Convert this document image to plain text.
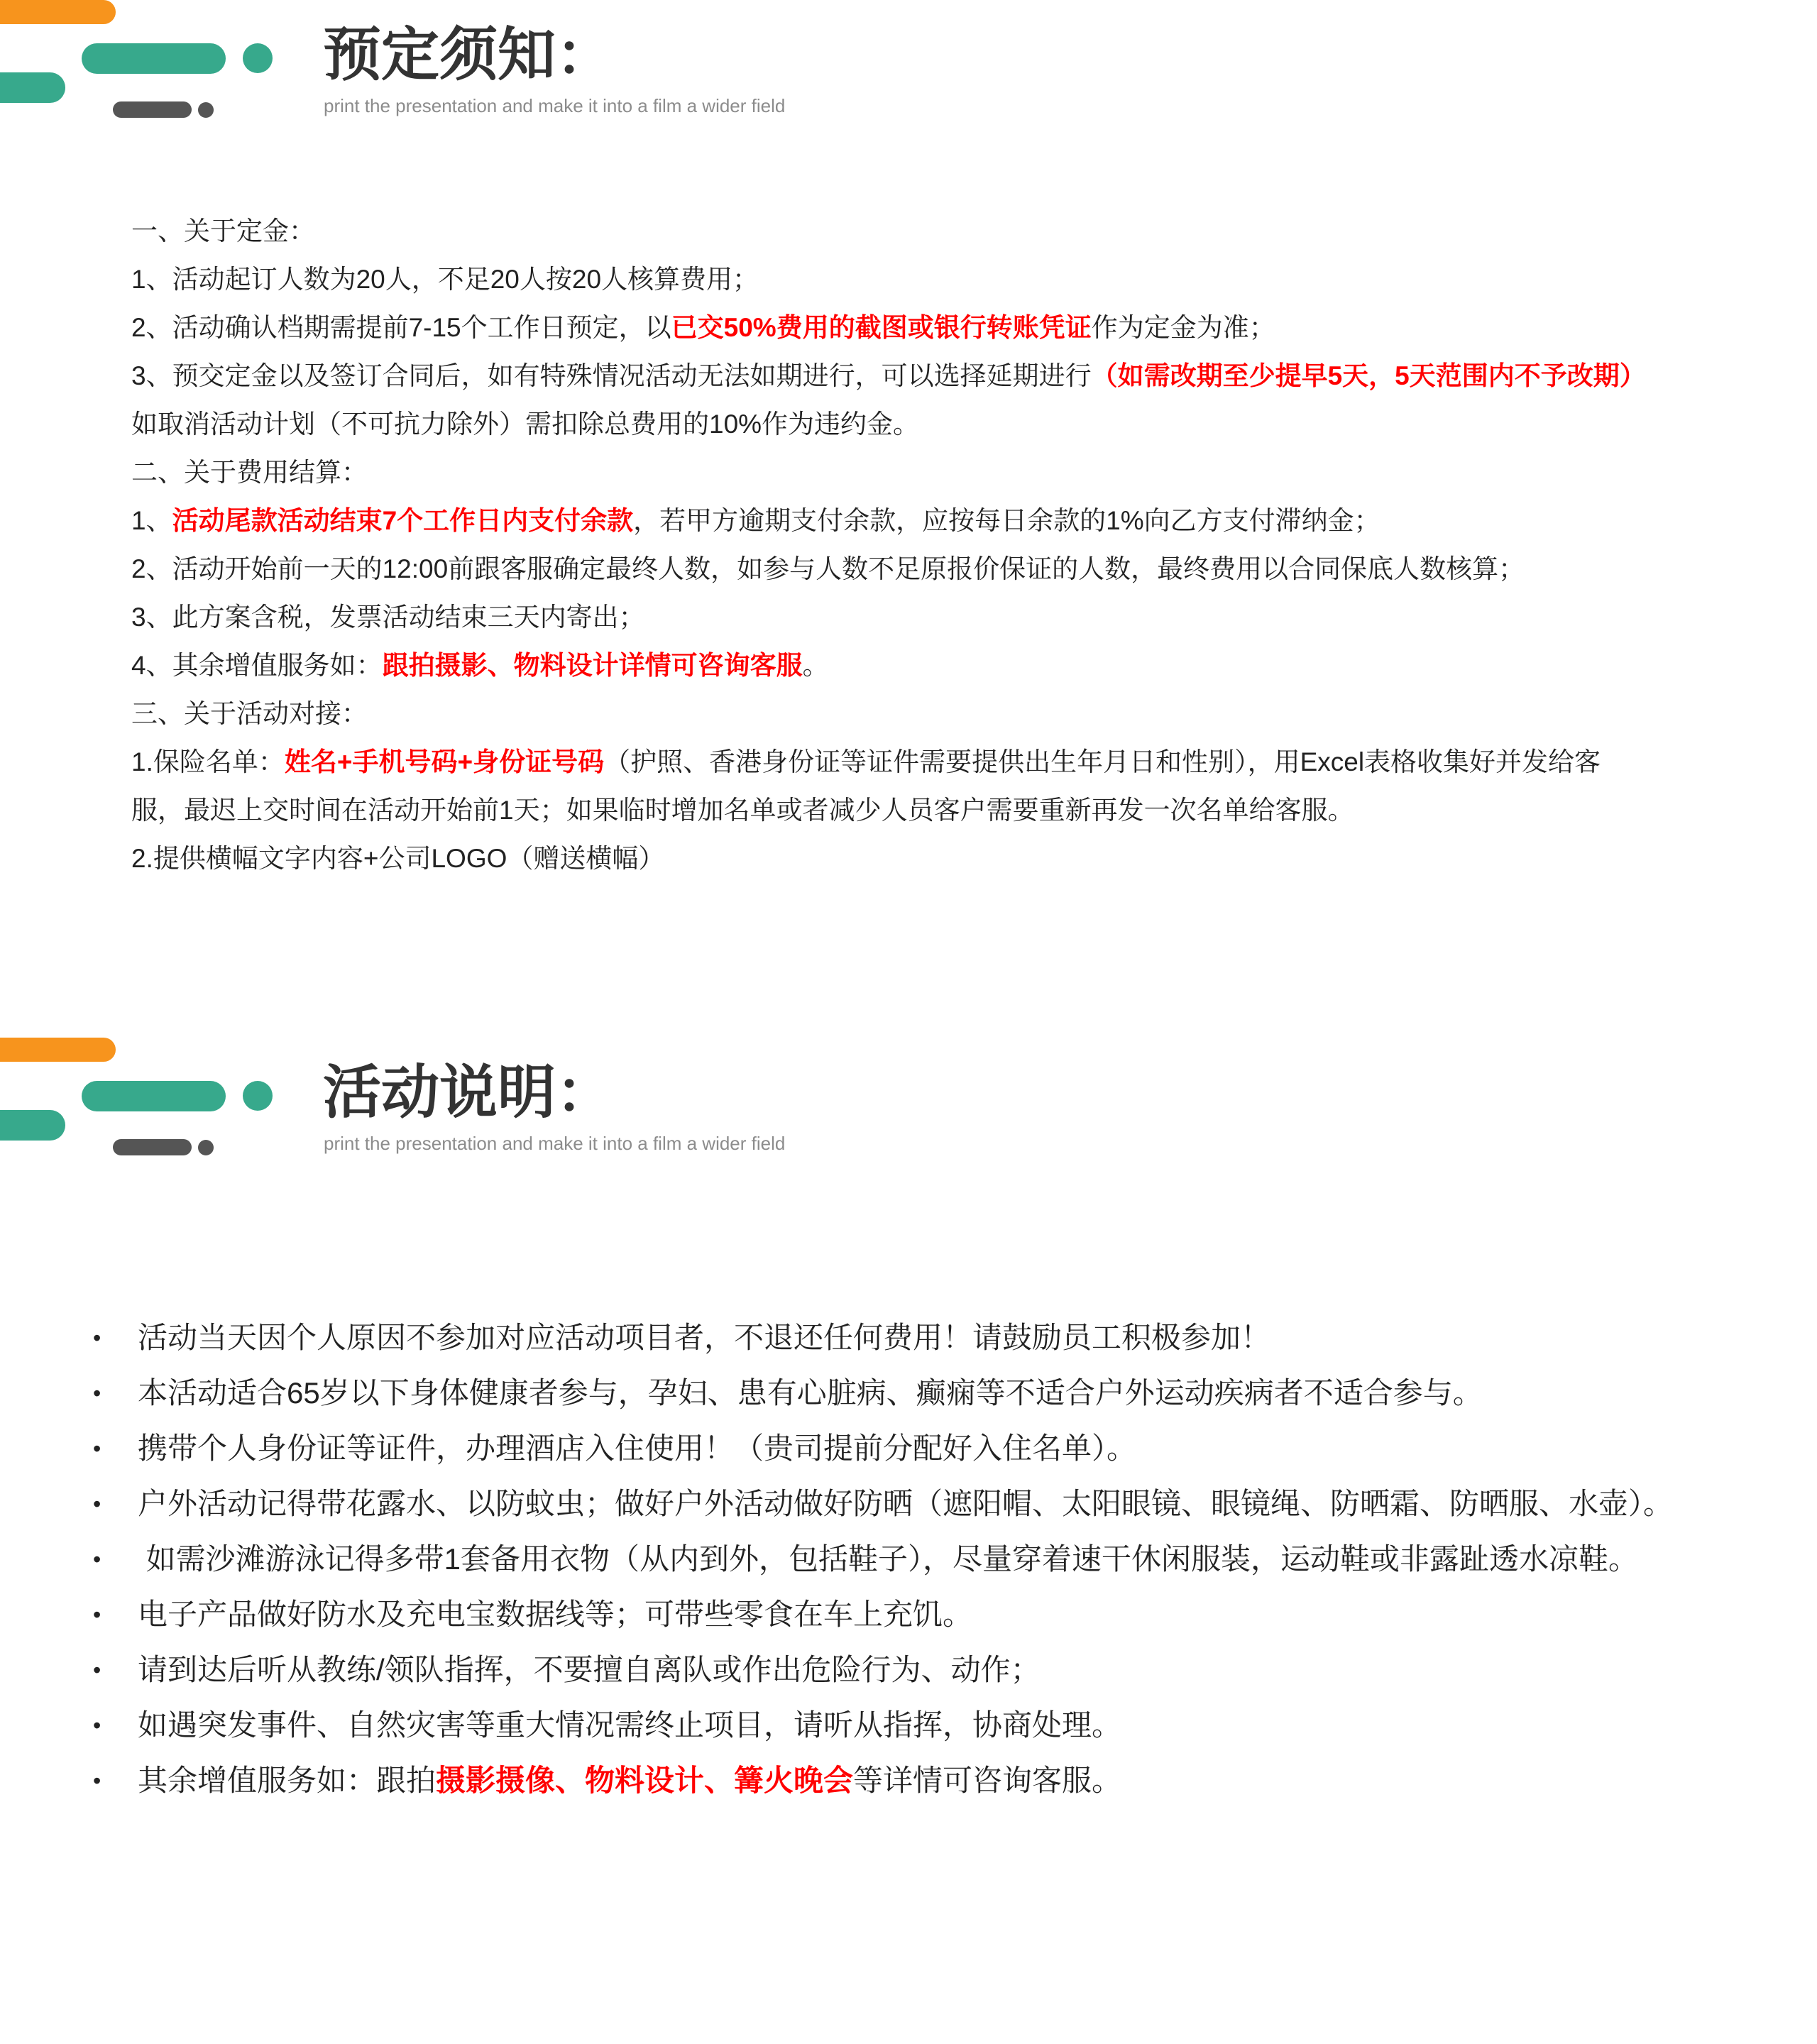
预定须知：
print the presentation and make it into a film a wider field
一、关于定金：
1、活动起订人数为20人，不足20人按20人核算费用；
2、活动确认档期需提前7-15个工作日预定，以已交50%费用的截图或银行转账凭证作为定金为准；
3、预交定金以及签订合同后，如有特殊情况活动无法如期进行，可以选择延期进行（如需改期至少提早5天，5天范围内不予改期）
如取消活动计划（不可抗力除外）需扣除总费用的10%作为违约金。
二、关于费用结算：
1、活动尾款活动结束7个工作日内支付余款，若甲方逾期支付余款，应按每日余款的1%向乙方支付滞纳金；
2、活动开始前一天的12:00前跟客服确定最终人数，如参与人数不足原报价保证的人数，最终费用以合同保底人数核算；
3、此方案含税，发票活动结束三天内寄出；
4、其余增值服务如：跟拍摄影、物料设计详情可咨询客服。
三、关于活动对接：
1.保险名单：姓名+手机号码+身份证号码（护照、香港身份证等证件需要提供出生年月日和性别），用Excel表格收集好并发给客
服，最迟上交时间在活动开始前1天；如果临时增加名单或者减少人员客户需要重新再发一次名单给客服。
2.提供横幅文字内容+公司LOGO（赠送横幅）
活动说明：
print the presentation and make it into a film a wider field
•	活动当天因个人原因不参加对应活动项目者，不退还任何费用！请鼓励员工积极参加！
•	本活动适合65岁以下身体健康者参与，孕妇、患有心脏病、癫痫等不适合户外运动疾病者不适合参与。
•	携带个人身份证等证件，办理酒店入住使用！（贵司提前分配好入住名单）。
•	户外活动记得带花露水、以防蚊虫；做好户外活动做好防晒（遮阳帽、太阳眼镜、眼镜绳、防晒霜、防晒服、水壶）。
•	如需沙滩游泳记得多带1套备用衣物（从内到外，包括鞋子），尽量穿着速干休闲服装，运动鞋或非露趾透水凉鞋。
•	电子产品做好防水及充电宝数据线等；可带些零食在车上充饥。
•	请到达后听从教练/领队指挥，不要擅自离队或作出危险行为、动作；
•	如遇突发事件、自然灾害等重大情况需终止项目，请听从指挥，协商处理。
•	其余增值服务如：跟拍摄影摄像、物料设计、篝火晚会等详情可咨询客服。
